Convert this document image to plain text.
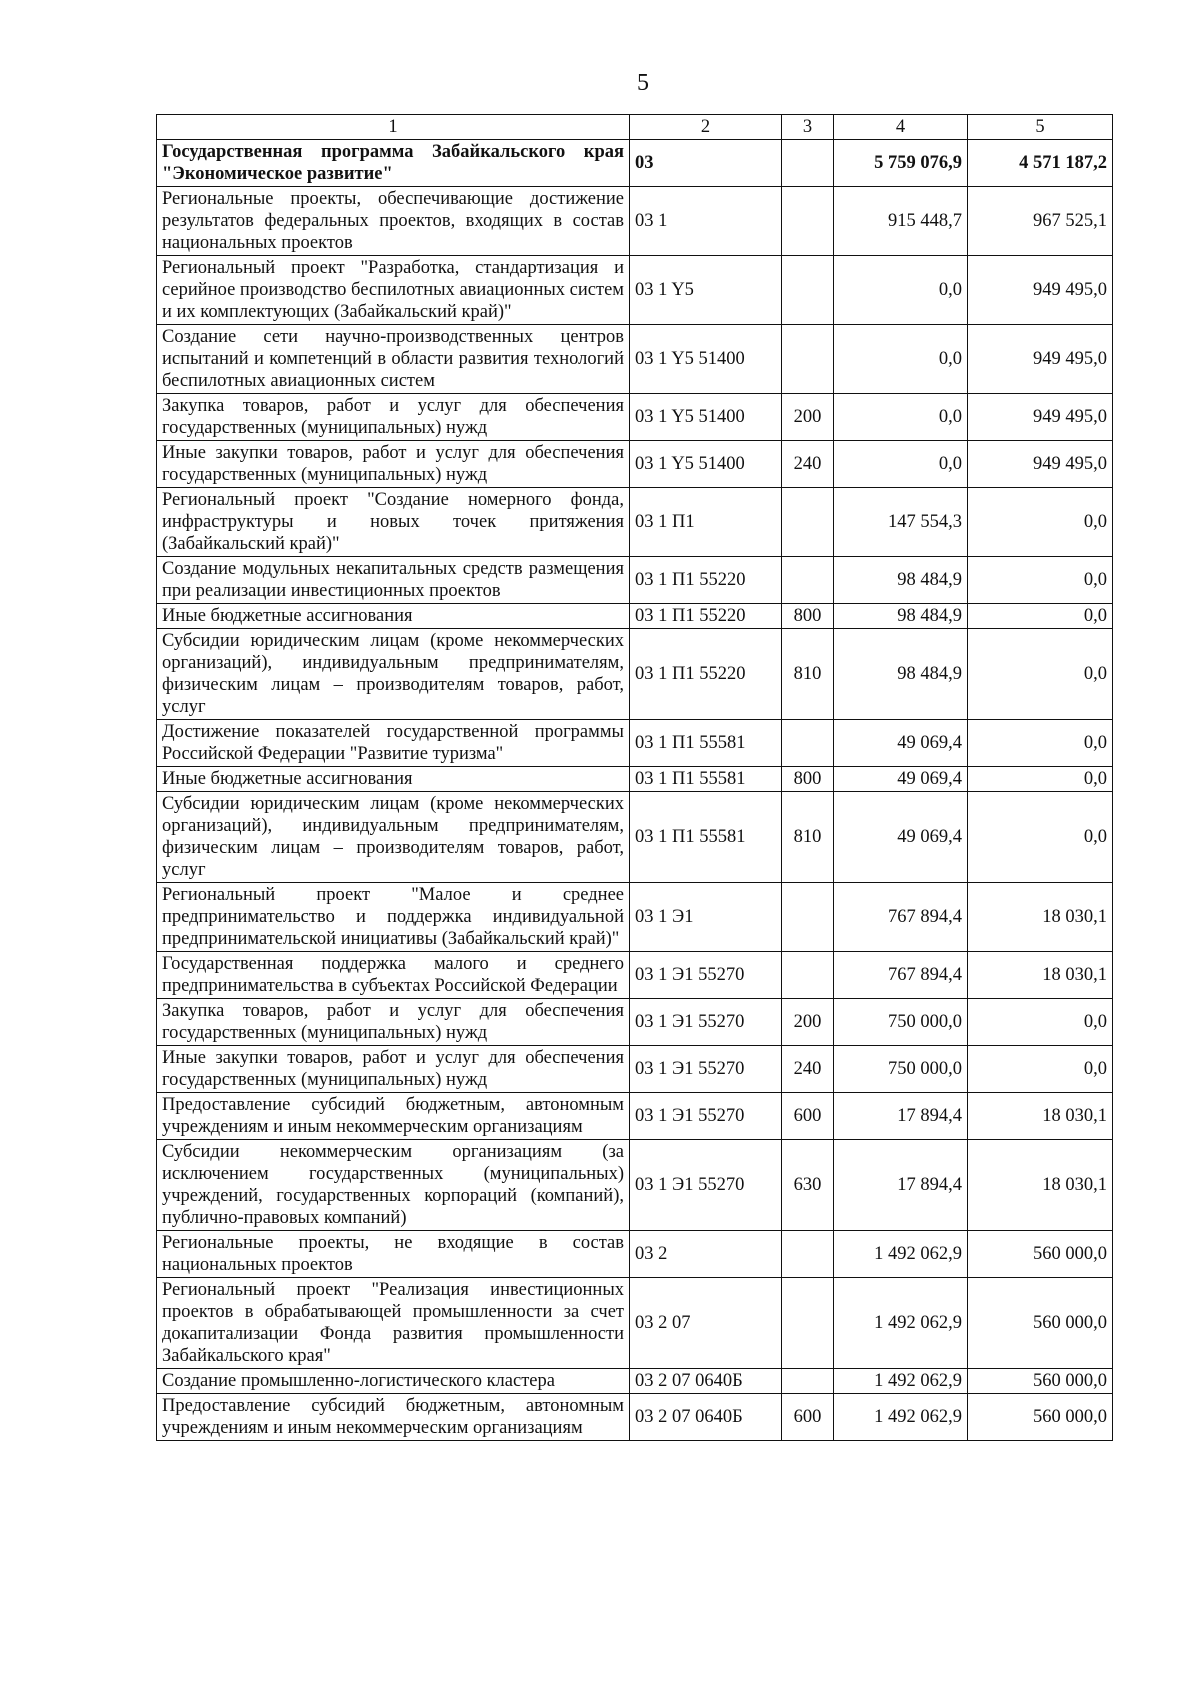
5
1	2	3	4	5
Государственная программа Забайкальского края "Экономическое развитие"	03		5 759 076,9	4 571 187,2
Региональные проекты, обеспечивающие достижение результатов федеральных проектов, входящих в состав национальных проектов	03 1		915 448,7	967 525,1
Региональный проект "Разработка, стандартизация и серийное производство беспилотных авиационных систем и их комплектующих (Забайкальский край)"	03 1 Y5		0,0	949 495,0
Создание сети научно-производственных центров испытаний и компетенций в области развития технологий беспилотных авиационных систем	03 1 Y5 51400		0,0	949 495,0
Закупка товаров, работ и услуг для обеспечения государственных (муниципальных) нужд	03 1 Y5 51400	200	0,0	949 495,0
Иные закупки товаров, работ и услуг для обеспечения государственных (муниципальных) нужд	03 1 Y5 51400	240	0,0	949 495,0
Региональный проект "Создание номерного фонда, инфраструктуры и новых точек притяжения (Забайкальский край)"	03 1 П1		147 554,3	0,0
Создание модульных некапитальных средств размещения при реализации инвестиционных проектов	03 1 П1 55220		98 484,9	0,0
Иные бюджетные ассигнования	03 1 П1 55220	800	98 484,9	0,0
Субсидии юридическим лицам (кроме некоммерческих организаций), индивидуальным предпринимателям, физическим лицам – производителям товаров, работ, услуг	03 1 П1 55220	810	98 484,9	0,0
Достижение показателей государственной программы Российской Федерации "Развитие туризма"	03 1 П1 55581		49 069,4	0,0
Иные бюджетные ассигнования	03 1 П1 55581	800	49 069,4	0,0
Субсидии юридическим лицам (кроме некоммерческих организаций), индивидуальным предпринимателям, физическим лицам – производителям товаров, работ, услуг	03 1 П1 55581	810	49 069,4	0,0
Региональный проект "Малое и среднее предпринимательство и поддержка индивидуальной предпринимательской инициативы (Забайкальский край)"	03 1 Э1		767 894,4	18 030,1
Государственная поддержка малого и среднего предпринимательства в субъектах Российской Федерации	03 1 Э1 55270		767 894,4	18 030,1
Закупка товаров, работ и услуг для обеспечения государственных (муниципальных) нужд	03 1 Э1 55270	200	750 000,0	0,0
Иные закупки товаров, работ и услуг для обеспечения государственных (муниципальных) нужд	03 1 Э1 55270	240	750 000,0	0,0
Предоставление субсидий бюджетным, автономным учреждениям и иным некоммерческим организациям	03 1 Э1 55270	600	17 894,4	18 030,1
Субсидии некоммерческим организациям (за исключением государственных (муниципальных) учреждений, государственных корпораций (компаний), публично-правовых компаний)	03 1 Э1 55270	630	17 894,4	18 030,1
Региональные проекты, не входящие в состав национальных проектов	03 2		1 492 062,9	560 000,0
Региональный проект "Реализация инвестиционных проектов в обрабатывающей промышленности за счет докапитализации Фонда развития промышленности Забайкальского края"	03 2 07		1 492 062,9	560 000,0
Создание промышленно-логистического кластера	03 2 07 0640Б		1 492 062,9	560 000,0
Предоставление субсидий бюджетным, автономным учреждениям и иным некоммерческим организациям	03 2 07 0640Б	600	1 492 062,9	560 000,0
